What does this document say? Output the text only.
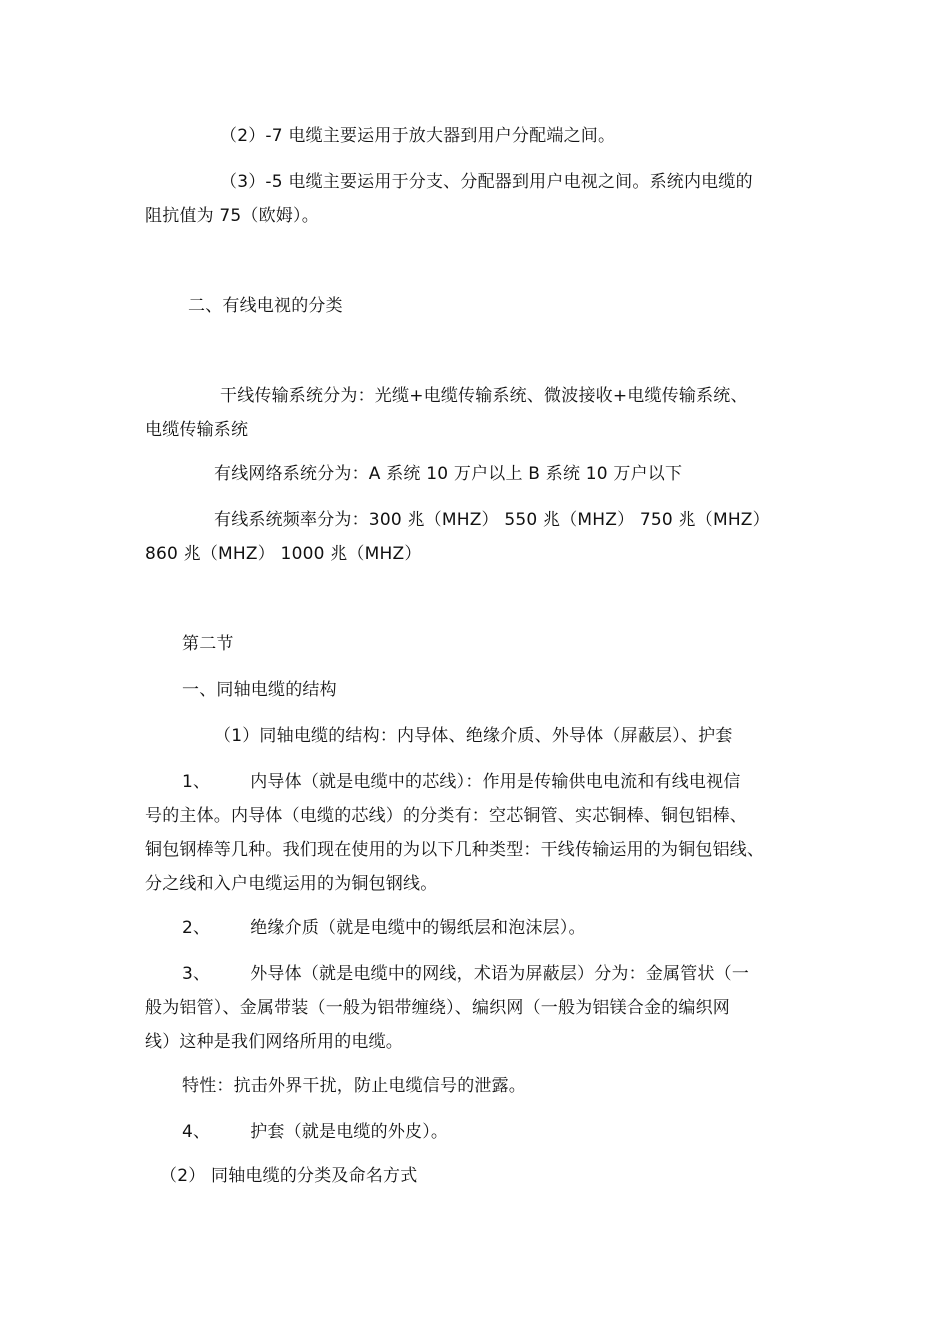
（2）-7 电缆主要运用于放大器到用户分配端之间。
（3）-5 电缆主要运用于分支、分配器到用户电视之间。系统内电缆的
阻抗值为 75（欧姆）。
二、有线电视的分类
干线传输系统分为：光缆+电缆传输系统、微波接收+电缆传输系统、
电缆传输系统
有线网络系统分为：A 系统 10 万户以上 B 系统 10 万户以下
有线系统频率分为：300 兆（MHZ） 550 兆（MHZ） 750 兆（MHZ）
860 兆（MHZ） 1000 兆（MHZ）
第二节
一、同轴电缆的结构
（1）同轴电缆的结构：内导体、绝缘介质、外导体（屏蔽层）、护套
1、 内导体（就是电缆中的芯线）：作用是传输供电电流和有线电视信
号的主体。内导体（电缆的芯线）的分类有：空芯铜管、实芯铜棒、铜包铝棒、
铜包钢棒等几种。我们现在使用的为以下几种类型：干线传输运用的为铜包铝线、
分之线和入户电缆运用的为铜包钢线。
2、 绝缘介质（就是电缆中的锡纸层和泡沫层）。
3、 外导体（就是电缆中的网线，术语为屏蔽层）分为：金属管状（一
般为铝管）、金属带装（一般为铝带缠绕）、编织网（一般为铝镁合金的编织网
线）这种是我们网络所用的电缆。
特性：抗击外界干扰，防止电缆信号的泄露。
4、 护套（就是电缆的外皮）。
（2） 同轴电缆的分类及命名方式
